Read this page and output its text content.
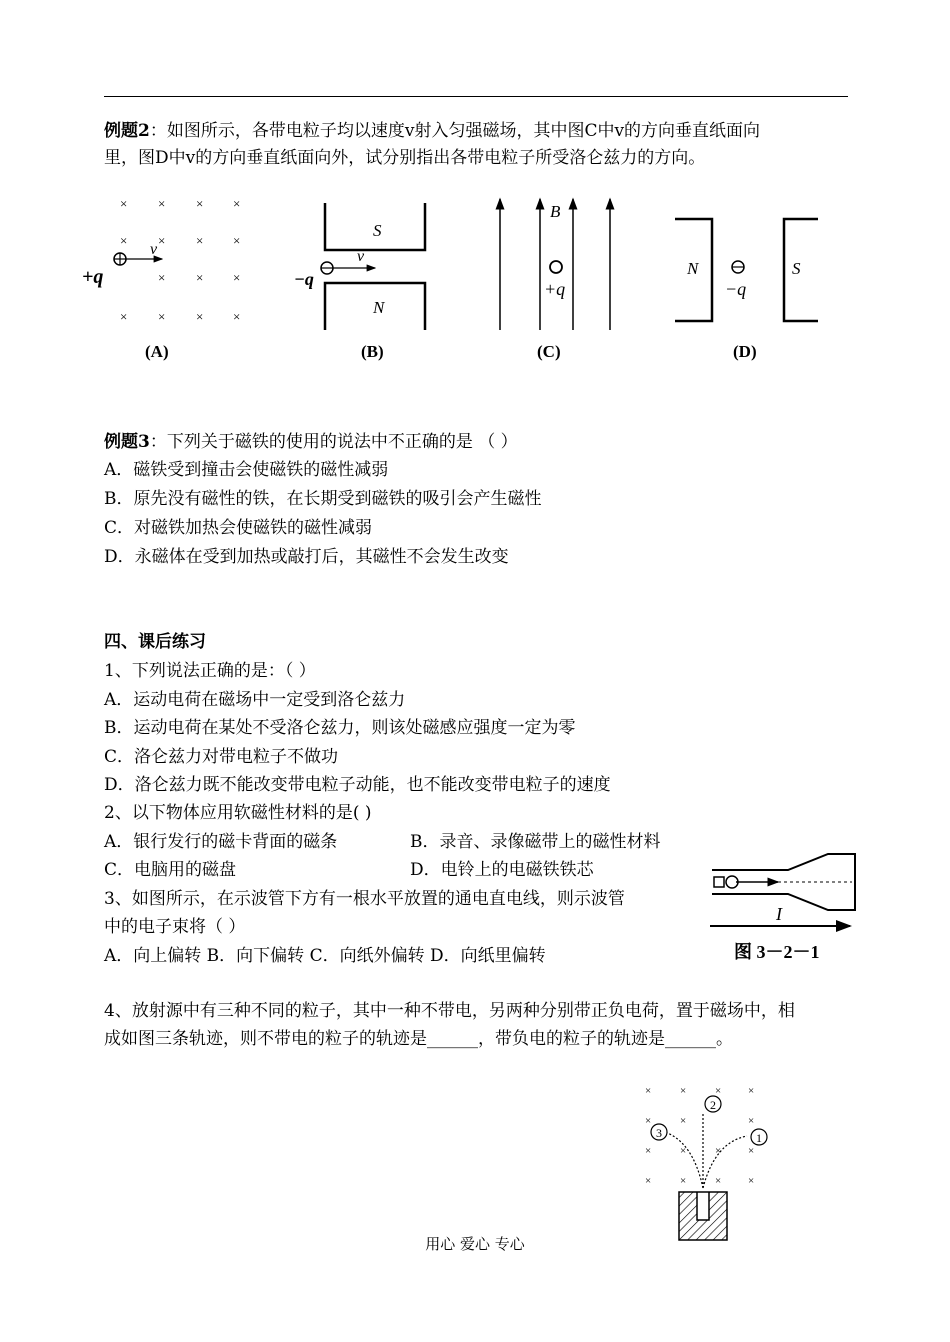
例题2：如图所示，各带电粒子均以速度v射入匀强磁场，其中图C中v的方向垂直纸面向
里，图D中v的方向垂直纸面向外，试分别指出各带电粒子所受洛仑兹力的方向。
× × × ×
× × × ×
× × ×
× × × ×
v
+q
(A)
S
N
v
−q
(B)
B
+q
(C)
N	S
−q
(D)
例题3：下列关于磁铁的使用的说法中不正确的是 （ ）
A．磁铁受到撞击会使磁铁的磁性减弱
B．原先没有磁性的铁，在长期受到磁铁的吸引会产生磁性
C．对磁铁加热会使磁铁的磁性减弱
D．永磁体在受到加热或敲打后，其磁性不会发生改变
四、课后练习
1、下列说法正确的是：（ ）
A．运动电荷在磁场中一定受到洛仑兹力
B．运动电荷在某处不受洛仑兹力，则该处磁感应强度一定为零
C．洛仑兹力对带电粒子不做功
D．洛仑兹力既不能改变带电粒子动能，也不能改变带电粒子的速度
2、以下物体应用软磁性材料的是( )
A．银行发行的磁卡背面的磁条	B．录音、录像磁带上的磁性材料
C．电脑用的磁盘	D．电铃上的电磁铁铁芯
3、如图所示，在示波管下方有一根水平放置的通电直电线，则示波管
中的电子束将（ ）
A．向上偏转 B．向下偏转 C．向纸外偏转 D．向纸里偏转
I
图 3－2－1
4、放射源中有三种不同的粒子，其中一种不带电，另两种分别带正负电荷，置于磁场中，相
成如图三条轨迹，则不带电的粒子的轨迹是______，带负电的粒子的轨迹是______。
×	×	× ×
×	×	×
×	×	× ×
×	×	× ×
2
3	1
用心 爱心 专心
